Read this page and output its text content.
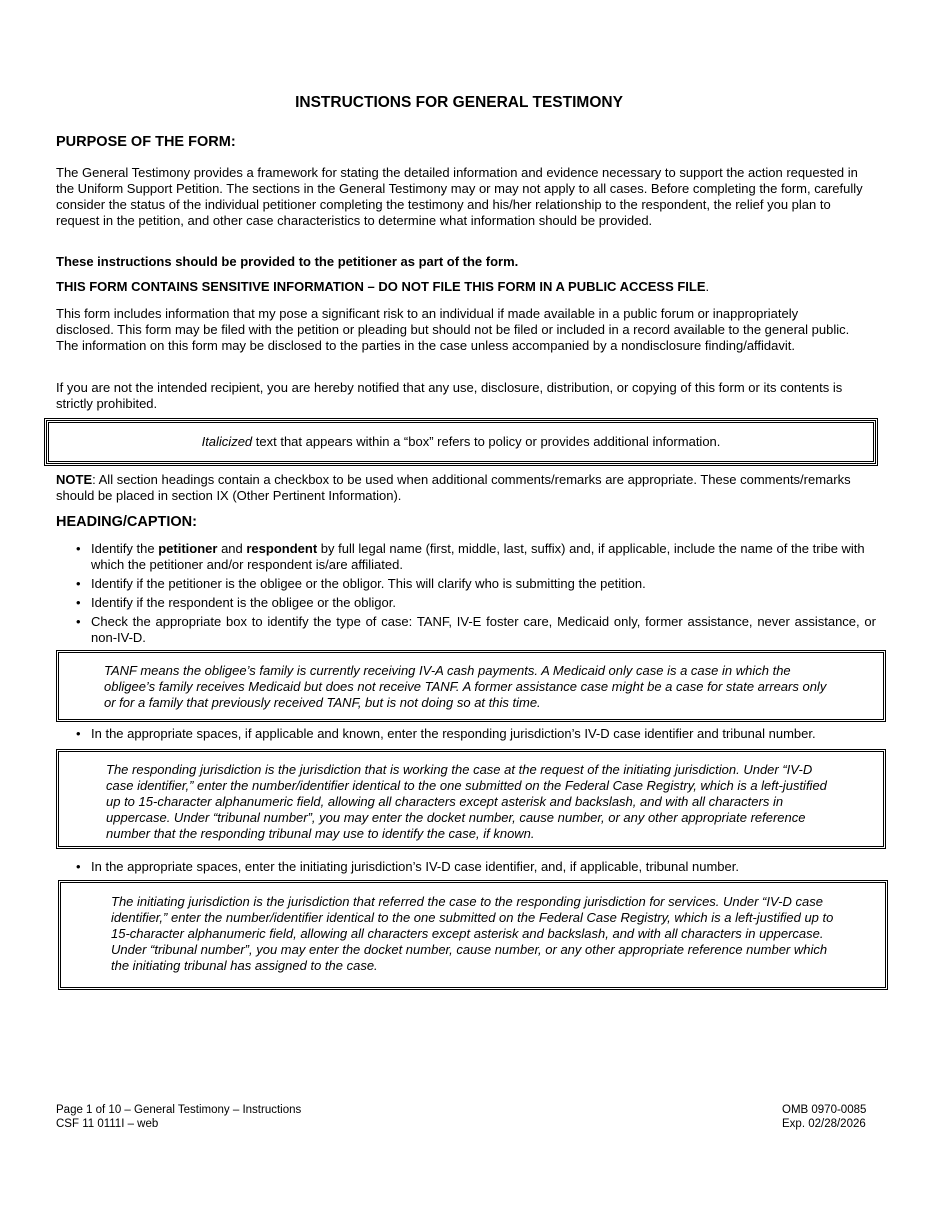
INSTRUCTIONS FOR GENERAL TESTIMONY
PURPOSE OF THE FORM:

The General Testimony provides a framework for stating the detailed information and evidence necessary to support the action requested in the Uniform Support Petition. The sections in the General Testimony may or may not apply to all cases. Before completing the form, carefully consider the status of the individual petitioner completing the testimony and his/her relationship to the respondent, the relief you plan to request in the petition, and other case characteristics to determine what information should be provided.

These instructions should be provided to the petitioner as part of the form.

THIS FORM CONTAINS SENSITIVE INFORMATION – DO NOT FILE THIS FORM IN A PUBLIC ACCESS FILE.

This form includes information that my pose a significant risk to an individual if made available in a public forum or inappropriately disclosed. This form may be filed with the petition or pleading but should not be filed or included in a record available to the general public. The information on this form may be disclosed to the parties in the case unless accompanied by a nondisclosure finding/affidavit.

If you are not the intended recipient, you are hereby notified that any use, disclosure, distribution, or copying of this form or its contents is strictly prohibited.

Italicized text that appears within a “box” refers to policy or provides additional information.

NOTE: All section headings contain a checkbox to be used when additional comments/remarks are appropriate. These comments/remarks should be placed in section IX (Other Pertinent Information).

HEADING/CAPTION:
• Identify the petitioner and respondent by full legal name (first, middle, last, suffix) and, if applicable, include the name of the tribe with which the petitioner and/or respondent is/are affiliated.
• Identify if the petitioner is the obligee or the obligor. This will clarify who is submitting the petition.
• Identify if the respondent is the obligee or the obligor.
• Check the appropriate box to identify the type of case: TANF, IV-E foster care, Medicaid only, former assistance, never assistance, or non-IV-D.

TANF means the obligee’s family is currently receiving IV-A cash payments. A Medicaid only case is a case in which the obligee’s family receives Medicaid but does not receive TANF. A former assistance case might be a case for state arrears only or for a family that previously received TANF, but is not doing so at this time.

• In the appropriate spaces, if applicable and known, enter the responding jurisdiction’s IV-D case identifier and tribunal number.

The responding jurisdiction is the jurisdiction that is working the case at the request of the initiating jurisdiction. Under “IV-D case identifier,” enter the number/identifier identical to the one submitted on the Federal Case Registry, which is a left-justified up to 15-character alphanumeric field, allowing all characters except asterisk and backslash, and with all characters in uppercase. Under “tribunal number”, you may enter the docket number, cause number, or any other appropriate reference number that the responding tribunal may use to identify the case, if known.

• In the appropriate spaces, enter the initiating jurisdiction’s IV-D case identifier, and, if applicable, tribunal number.

The initiating jurisdiction is the jurisdiction that referred the case to the responding jurisdiction for services. Under “IV-D case identifier,” enter the number/identifier identical to the one submitted on the Federal Case Registry, which is a left-justified up to 15-character alphanumeric field, allowing all characters except asterisk and backslash, and with all characters in uppercase. Under “tribunal number”, you may enter the docket number, cause number, or any other appropriate reference number which the initiating tribunal has assigned to the case.

Page 1 of 10 – General Testimony – Instructions
CSF 11 0111I – web
OMB 0970-0085
Exp. 02/28/2026
